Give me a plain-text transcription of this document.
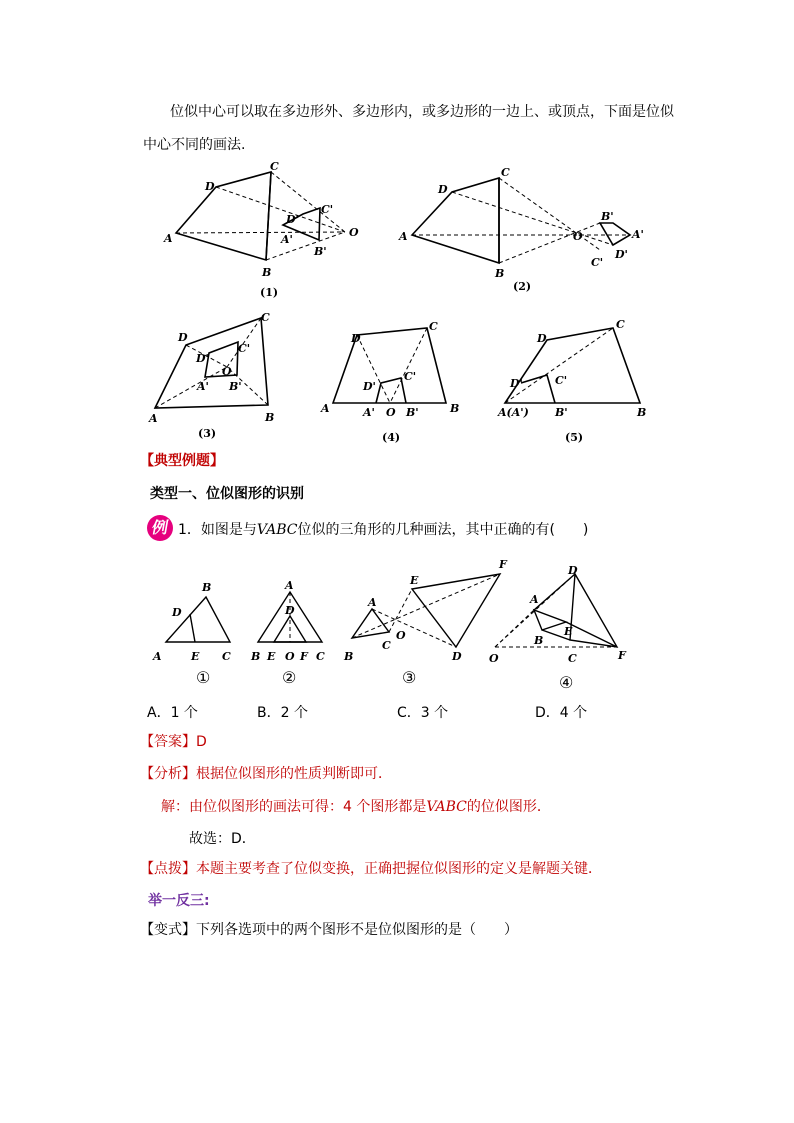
位似中心可以取在多边形外、多边形内，或多边形的一边上、或顶点，下面是位似
中心不同的画法.
A
D
C
B
D'
C'
A'
B'
O
(1)
A
D
C
B
O
B'
A'
D'
C'
(2)
A
D
C
B
D'
C'
O
A' B'
(3)
A
D
C
B
D'
C'
A' O B'
(4)
A(A')
D
C
B
D'	C'
B'
(5)
【典型例题】
类型一、位似图形的识别
例 1．如图是与VABC位似的三角形的几种画法，其中正确的有(　　)
A
B
D
E C B E O F C
A
D
A
B
C
O
E
F
D
A
B
E
D
O	C	F
①	②	③	④
A．1 个	B．2 个	C．3 个	D．4 个
【答案】D
【分析】根据位似图形的性质判断即可．
解：由位似图形的画法可得：4 个图形都是VABC的位似图形．
故选：D．
【点拨】本题主要考查了位似变换，正确把握位似图形的定义是解题关键．
举一反三:
【变式】下列各选项中的两个图形不是位似图形的是（　　）
